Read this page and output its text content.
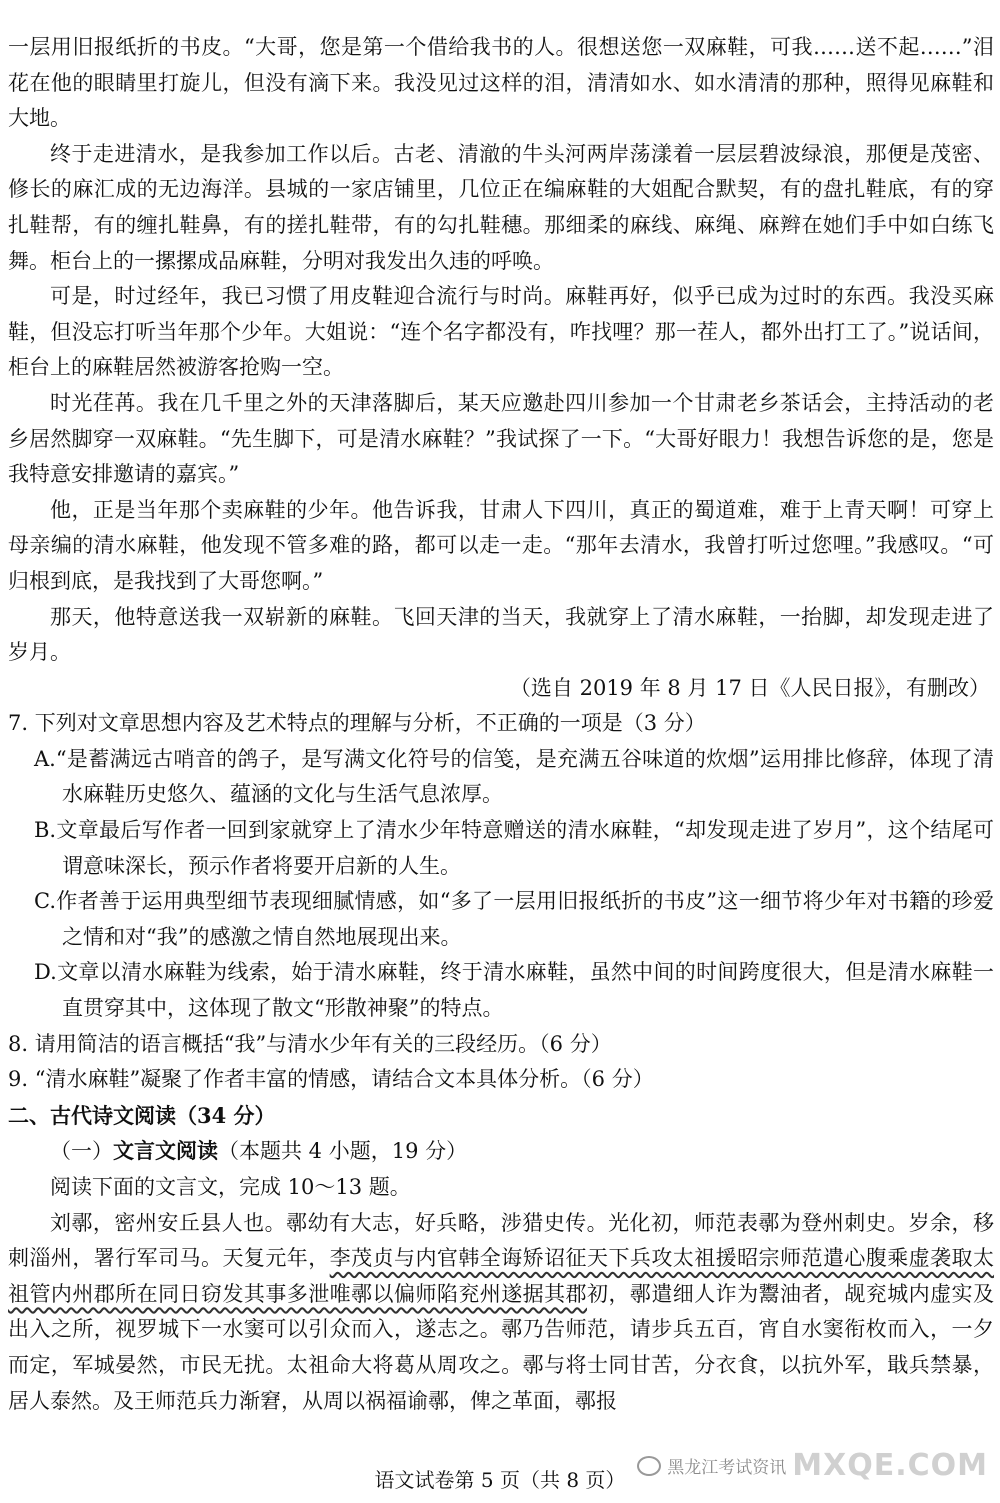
一层用旧报纸折的书皮。“大哥，您是第一个借给我书的人。很想送您一双麻鞋，可我……送不起……”泪花在他的眼睛里打旋儿，但没有滴下来。我没见过这样的泪，清清如水、如水清清的那种，照得见麻鞋和大地。

终于走进清水，是我参加工作以后。古老、清澈的牛头河两岸荡漾着一层层碧波绿浪，那便是茂密、修长的麻汇成的无边海洋。县城的一家店铺里，几位正在编麻鞋的大姐配合默契，有的盘扎鞋底，有的穿扎鞋帮，有的缠扎鞋鼻，有的搓扎鞋带，有的勾扎鞋穗。那细柔的麻线、麻绳、麻辫在她们手中如白练飞舞。柜台上的一摞摞成品麻鞋，分明对我发出久违的呼唤。

可是，时过经年，我已习惯了用皮鞋迎合流行与时尚。麻鞋再好，似乎已成为过时的东西。我没买麻鞋，但没忘打听当年那个少年。大姐说：“连个名字都没有，咋找哩？那一茬人，都外出打工了。”说话间，柜台上的麻鞋居然被游客抢购一空。

时光荏苒。我在几千里之外的天津落脚后，某天应邀赴四川参加一个甘肃老乡茶话会，主持活动的老乡居然脚穿一双麻鞋。“先生脚下，可是清水麻鞋？”我试探了一下。“大哥好眼力！我想告诉您的是，您是我特意安排邀请的嘉宾。”

他，正是当年那个卖麻鞋的少年。他告诉我，甘肃人下四川，真正的蜀道难，难于上青天啊！可穿上母亲编的清水麻鞋，他发现不管多难的路，都可以走一走。“那年去清水，我曾打听过您哩。”我感叹。“可归根到底，是我找到了大哥您啊。”

那天，他特意送我一双崭新的麻鞋。飞回天津的当天，我就穿上了清水麻鞋，一抬脚，却发现走进了岁月。

（选自 2019 年 8 月 17 日《人民日报》，有删改）

7. 下列对文章思想内容及艺术特点的理解与分析，不正确的一项是（3 分）

A.“是蓄满远古哨音的鸽子，是写满文化符号的信笺，是充满五谷味道的炊烟”运用排比修辞，体现了清水麻鞋历史悠久、蕴涵的文化与生活气息浓厚。

B.文章最后写作者一回到家就穿上了清水少年特意赠送的清水麻鞋，“却发现走进了岁月”，这个结尾可谓意味深长，预示作者将要开启新的人生。

C.作者善于运用典型细节表现细腻情感，如“多了一层用旧报纸折的书皮”这一细节将少年对书籍的珍爱之情和对“我”的感激之情自然地展现出来。

D.文章以清水麻鞋为线索，始于清水麻鞋，终于清水麻鞋，虽然中间的时间跨度很大，但是清水麻鞋一直贯穿其中，这体现了散文“形散神聚”的特点。

8. 请用简洁的语言概括“我”与清水少年有关的三段经历。（6 分）

9. “清水麻鞋”凝聚了作者丰富的情感，请结合文本具体分析。（6 分）

二、古代诗文阅读（34 分）

（一）文言文阅读（本题共 4 小题，19 分）

阅读下面的文言文，完成 10～13 题。

刘鄩，密州安丘县人也。鄩幼有大志，好兵略，涉猎史传。光化初，师范表鄩为登州刺史。岁余，移刺淄州，署行军司马。天复元年，李茂贞与内官韩全诲矫诏征天下兵攻太祖援昭宗师范遣心腹乘虚袭取太祖管内州郡所在同日窃发其事多泄唯鄩以偏师陷兖州遂据其郡初，鄩遣细人诈为鬻油者，觇兖城内虚实及出入之所，视罗城下一水窦可以引众而入，遂志之。鄩乃告师范，请步兵五百，宵自水窦衔枚而入，一夕而定，军城晏然，市民无扰。太祖命大将葛从周攻之。鄩与将士同甘苦，分衣食，以抗外军，戢兵禁暴，居人泰然。及王师范兵力渐窘，从周以祸福谕鄩，俾之革面，鄩报

语文试卷第 5 页（共 8 页）	黑龙江考试资讯 MXQE.COM
